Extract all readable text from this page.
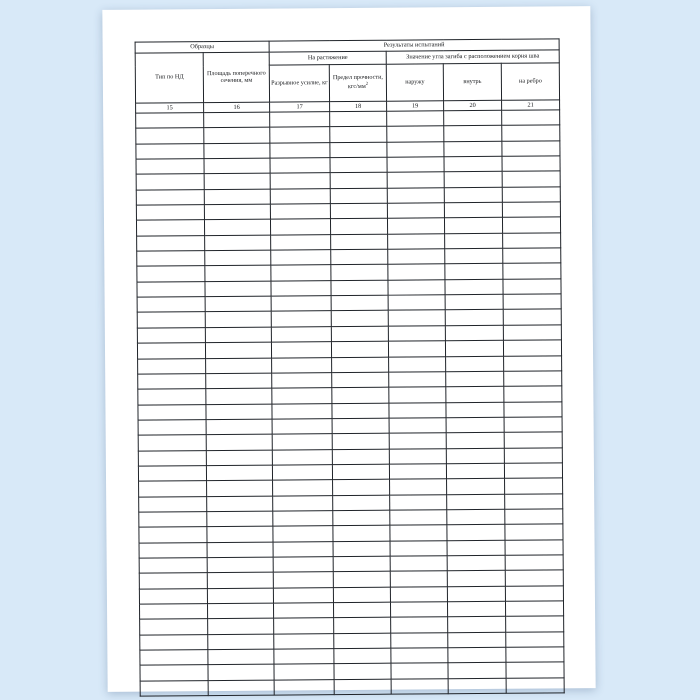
Образцы		Результаты испытаний				
Тип по НД	Площадь поперечного сечения, мм	На растяжение		Значение угла загиба с расположением корня шва		
		Разрывное усилие, кг	Предел прочности, кгс/$мм^2$	наружу	внутрь	на ребро

15	16	17	18	19	20	21
